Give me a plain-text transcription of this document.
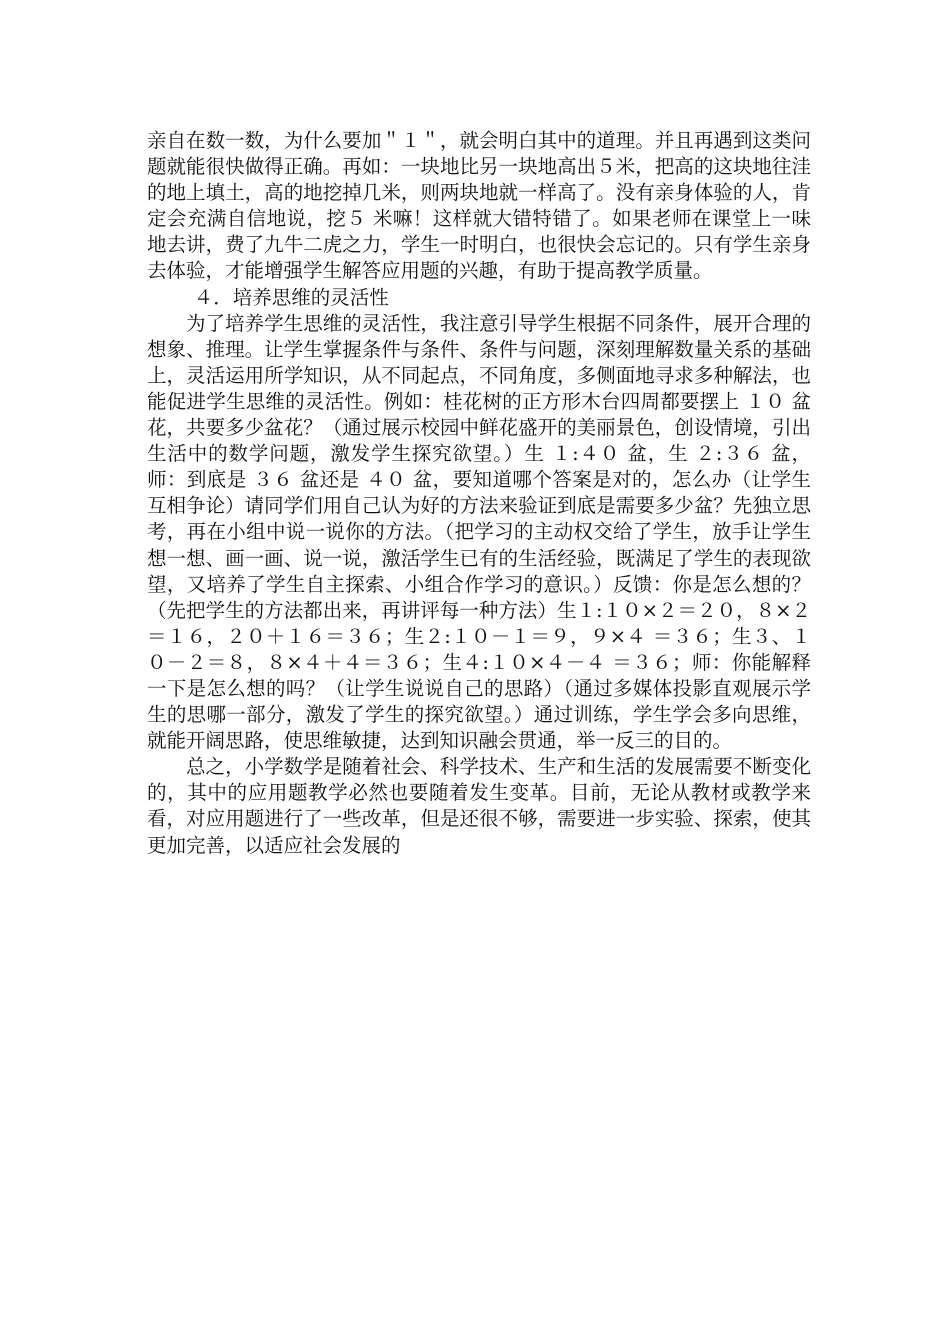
亲自在数一数，为什么要加＂１＂，就会明白其中的道理。并且再遇到这类问题就能很快做得正确。再如：一块地比另一块地高出５米，把高的这块地往洼的地上填土，高的地挖掉几米，则两块地就一样高了。没有亲身体验的人，肯定会充满自信地说，挖５ 米嘛！这样就大错特错了。如果老师在课堂上一味地去讲，费了九牛二虎之力，学生一时明白，也很快会忘记的。只有学生亲身去体验，才能增强学生解答应用题的兴趣，有助于提高教学质量。

４．培养思维的灵活性

为了培养学生思维的灵活性，我注意引导学生根据不同条件，展开合理的想象、推理。让学生掌握条件与条件、条件与问题，深刻理解数量关系的基础上，灵活运用所学知识，从不同起点，不同角度，多侧面地寻求多种解法，也能促进学生思维的灵活性。例如：桂花树的正方形木台四周都要摆上 １０ 盆花，共要多少盆花？（通过展示校园中鲜花盛开的美丽景色，创设情境，引出生活中的数学问题，激发学生探究欲望。）生 １:４０ 盆，生 ２:３６ 盆，师：到底是 ３６ 盆还是 ４０ 盆，要知道哪个答案是对的，怎么办（让学生互相争论）请同学们用自己认为好的方法来验证到底是需要多少盆？先独立思考，再在小组中说一说你的方法。（把学习的主动权交给了学生，放手让学生想一想、画一画、说一说，激活学生已有的生活经验，既满足了学生的表现欲望，又培养了学生自主探索、小组合作学习的意识。）反馈：你是怎么想的？（先把学生的方法都出来，再讲评每一种方法）生１:１０×２＝２０，８×２＝１６，２０＋１６＝３６；生２:１０－１＝９，９×４ ＝３６；生３、１０－２＝８，８×４＋４＝３６；生４:１０×４－４ ＝３６；师：你能解释一下是怎么想的吗？（让学生说说自己的思路）（通过多媒体投影直观展示学生的思哪一部分，激发了学生的探究欲望。）通过训练，学生学会多向思维，就能开阔思路，使思维敏捷，达到知识融会贯通，举一反三的目的。

总之，小学数学是随着社会、科学技术、生产和生活的发展需要不断变化的，其中的应用题教学必然也要随着发生变革。目前，无论从教材或教学来看，对应用题进行了一些改革，但是还很不够，需要进一步实验、探索，使其更加完善，以适应社会发展的
